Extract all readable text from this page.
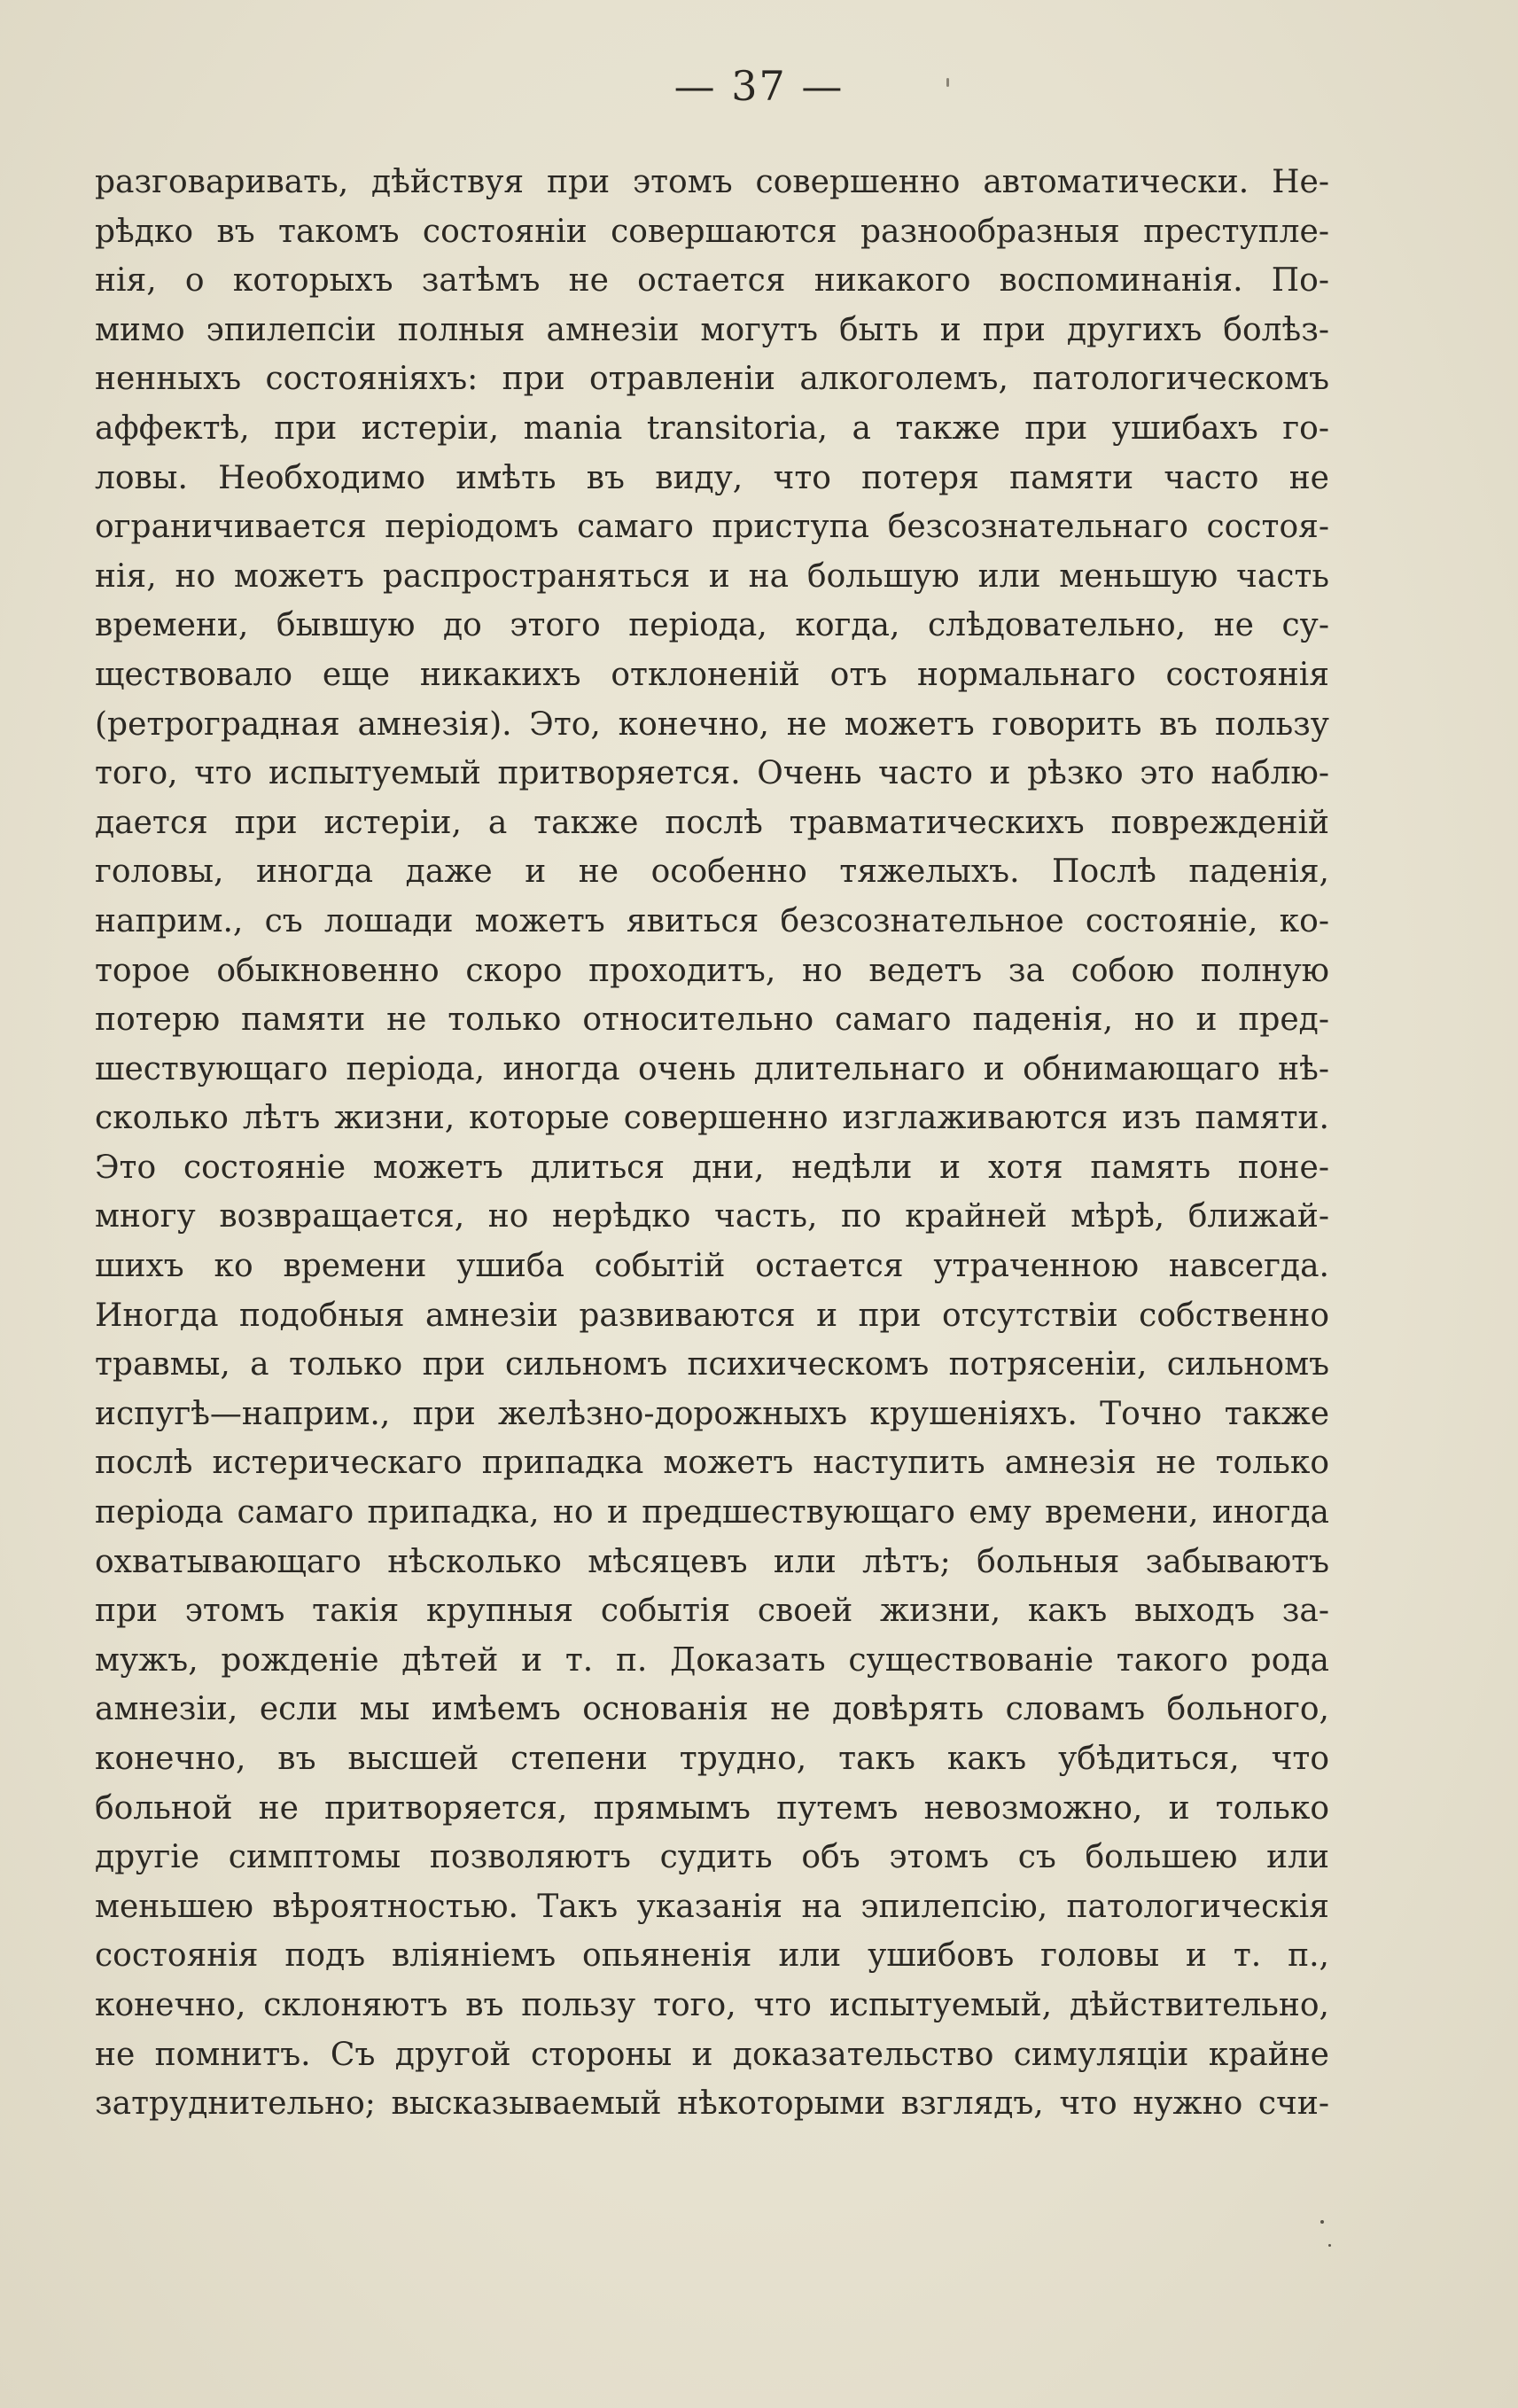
— 37 —
разговаривать, дѣйствуя при этомъ совершенно автоматически. Не-
рѣдко въ такомъ состоянiи совершаются разнообразныя преступле-
нiя, о которыхъ затѣмъ не остается никакого воспоминанiя. По-
мимо эпилепсiи полныя амнезiи могутъ быть и при другихъ болѣз-
ненныхъ состоянiяхъ: при отравленiи алкоголемъ, патологическомъ
аффектѣ, при истерiи, mania transitoria, а также при ушибахъ го-
ловы. Необходимо имѣть въ виду, что потеря памяти часто не
ограничивается перiодомъ самаго приступа безсознательнаго состоя-
нiя, но можетъ распространяться и на большую или меньшую часть
времени, бывшую до этого перiода, когда, слѣдовательно, не су-
ществовало еще никакихъ отклоненiй отъ нормальнаго состоянiя
(ретроградная амнезiя). Это, конечно, не можетъ говорить въ пользу
того, что испытуемый притворяется. Очень часто и рѣзко это наблю-
дается при истерiи, а также послѣ травматическихъ поврежденiй
головы, иногда даже и не особенно тяжелыхъ. Послѣ паденiя,
наприм., съ лошади можетъ явиться безсознательное состоянiе, ко-
торое обыкновенно скоро проходитъ, но ведетъ за собою полную
потерю памяти не только относительно самаго паденiя, но и пред-
шествующаго перiода, иногда очень длительнаго и обнимающаго нѣ-
сколько лѣтъ жизни, которые совершенно изглаживаются изъ памяти.
Это состоянiе можетъ длиться дни, недѣли и хотя память поне-
многу возвращается, но нерѣдко часть, по крайней мѣрѣ, ближай-
шихъ ко времени ушиба событiй остается утраченною навсегда.
Иногда подобныя амнезiи развиваются и при отсутствiи собственно
травмы, а только при сильномъ психическомъ потрясенiи, сильномъ
испугѣ—наприм., при желѣзно-дорожныхъ крушенiяхъ. Точно также
послѣ истерическаго припадка можетъ наступить амнезiя не только
перiода самаго припадка, но и предшествующаго ему времени, иногда
охватывающаго нѣсколько мѣсяцевъ или лѣтъ; больныя забываютъ
при этомъ такiя крупныя событiя своей жизни, какъ выходъ за-
мужъ, рожденiе дѣтей и т. п. Доказать существованiе такого рода
амнезiи, если мы имѣемъ основанiя не довѣрять словамъ больного,
конечно, въ высшей степени трудно, такъ какъ убѣдиться, что
больной не притворяется, прямымъ путемъ невозможно, и только
другiе симптомы позволяютъ судить объ этомъ съ большею или
меньшею вѣроятностью. Такъ указанiя на эпилепсiю, патологическiя
состоянiя подъ влiянiемъ опьяненiя или ушибовъ головы и т. п.,
конечно, склоняютъ въ пользу того, что испытуемый, дѣйствительно,
не помнитъ. Съ другой стороны и доказательство симуляцiи крайне
затруднительно; высказываемый нѣкоторыми взглядъ, что нужно счи-
